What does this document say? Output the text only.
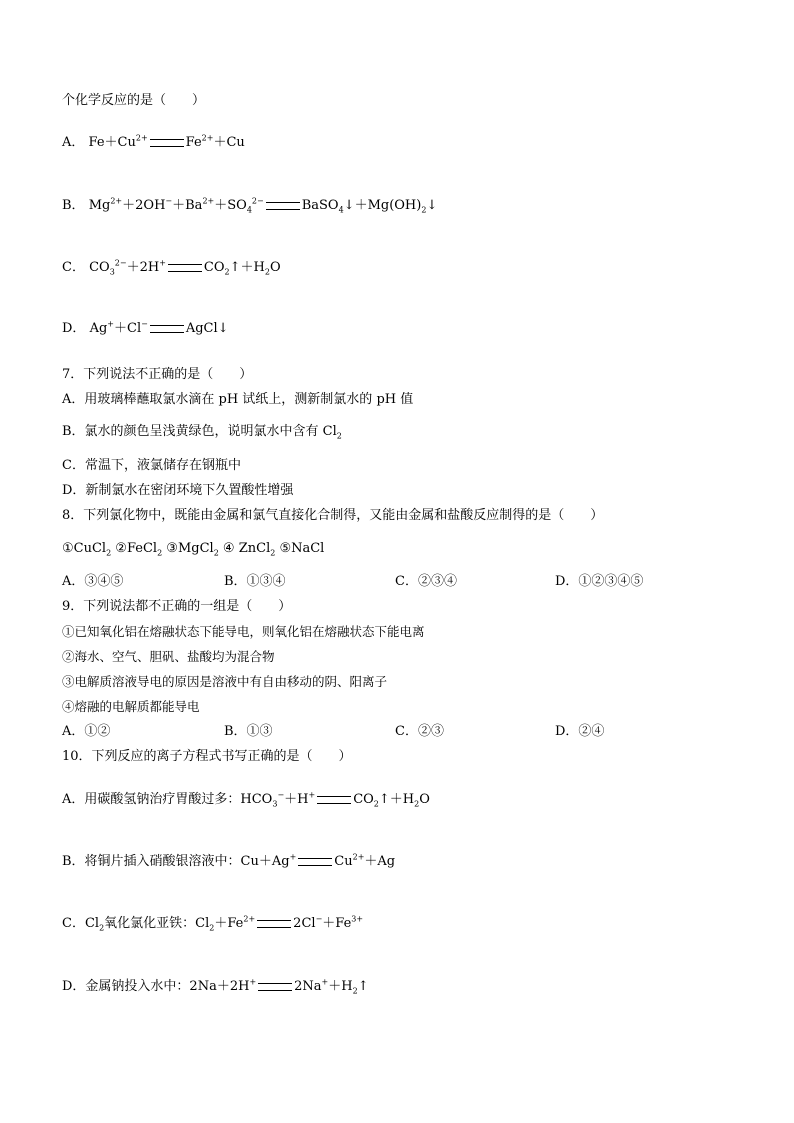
个化学反应的是（　　）
A． $Fe+Cu^{2+}$	$Fe^{2+}+Cu$
B． $Mg^{2+}+2OH^-+Ba^{2+}+SO_4^{2-}$	$BaSO_4↓+Mg(OH)_2↓$
C． $CO_3^{2-}+2H^+$	$CO_2↑+H_2O$
D． Ag+＋Cl−	AgCl↓
7．下列说法不正确的是（　　）
A．用玻璃棒蘸取氯水滴在 pH 试纸上，测新制氯水的 pH 值
B．氯水的颜色呈浅黄绿色，说明氯水中含有 $Cl_2$
C．常温下，液氯储存在钢瓶中
D．新制氯水在密闭环境下久置酸性增强
8．下列氯化物中，既能由金属和氯气直接化合制得，又能由金属和盐酸反应制得的是（　　）
①CuCl$_2$ ②FeCl$_2$ ③MgCl$_2$ ④ ZnCl$_2$ ⑤NaCl
A．③④⑤	B．①③④	C．②③④	D．①②③④⑤
9．下列说法都不正确的一组是（　　）
①已知氧化铝在熔融状态下能导电，则氧化铝在熔融状态下能电离
②海水、空气、胆矾、盐酸均为混合物
③电解质溶液导电的原因是溶液中有自由移动的阴、阳离子
④熔融的电解质都能导电
A．①②	B．①③	C．②③	D．②④
10．下列反应的离子方程式书写正确的是（　　）
A．用碳酸氢钠治疗胃酸过多：$HCO_3^-+H^+$	$CO_2↑+H_2O$
B．将铜片插入硝酸银溶液中：Cu＋Ag+	$Cu^{2+}+Ag$
C．$Cl_2$氧化氯化亚铁：$Cl_2+Fe^{2+}$	$2Cl^-+Fe^{3+}$
D．金属钠投入水中：2Na＋2H+	$2Na^++H_2↑$
